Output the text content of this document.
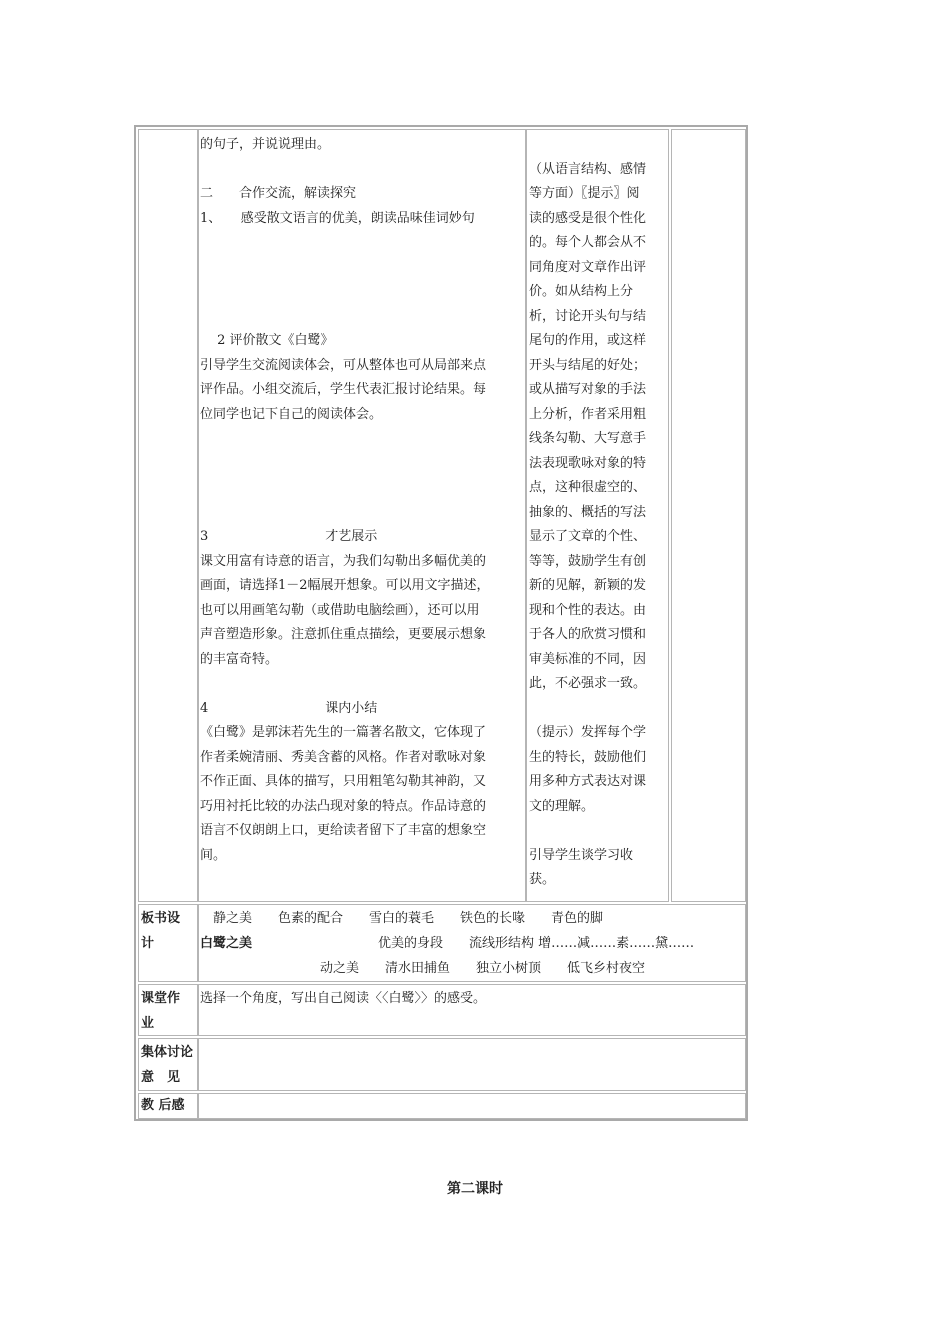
的句子，并说说理由。
二　　合作交流，解读探究
1、　　感受散文语言的优美，朗读品味佳词妙句
　 2 评价散文《白鹭》
引导学生交流阅读体会，可从整体也可从局部来点
评作品。小组交流后，学生代表汇报讨论结果。每
位同学也记下自己的阅读体会。
3　　　　　　　　　才艺展示
课文用富有诗意的语言，为我们勾勒出多幅优美的
画面，请选择1－2幅展开想象。可以用文字描述，
也可以用画笔勾勒（或借助电脑绘画），还可以用
声音塑造形象。注意抓住重点描绘，更要展示想象
的丰富奇特。
4　　　　　　　　　课内小结
《白鹭》是郭沫若先生的一篇著名散文，它体现了
作者柔婉清丽、秀美含蓄的风格。作者对歌咏对象
不作正面、具体的描写，只用粗笔勾勒其神韵，又
巧用衬托比较的办法凸现对象的特点。作品诗意的
语言不仅朗朗上口，更给读者留下了丰富的想象空
间。
（从语言结构、感情
等方面）〖提示〗阅
读的感受是很个性化
的。每个人都会从不
同角度对文章作出评
价。如从结构上分
析，讨论开头句与结
尾句的作用，或这样
开头与结尾的好处；
或从描写对象的手法
上分析，作者采用粗
线条勾勒、大写意手
法表现歌咏对象的特
点，这种很虚空的、
抽象的、概括的写法
显示了文章的个性、
等等，鼓励学生有创
新的见解，新颖的发
现和个性的表达。由
于各人的欣赏习惯和
审美标准的不同，因
此，不必强求一致。
（提示）发挥每个学
生的特长，鼓励他们
用多种方式表达对课
文的理解。
引导学生谈学习收
获。
板书设
计
　静之美　　色素的配合　　雪白的蓑毛　　铁色的长喙　　青色的脚
白鹭之美	优美的身段　　流线形结构 增……减……素……黛……
动之美　　清水田捕鱼　　独立小树顶　　低飞乡村夜空
课堂作
业
选择一个角度，写出自己阅读〈〈白鹭〉〉的感受。
集体讨论
意　见
教 后感
第二课时
